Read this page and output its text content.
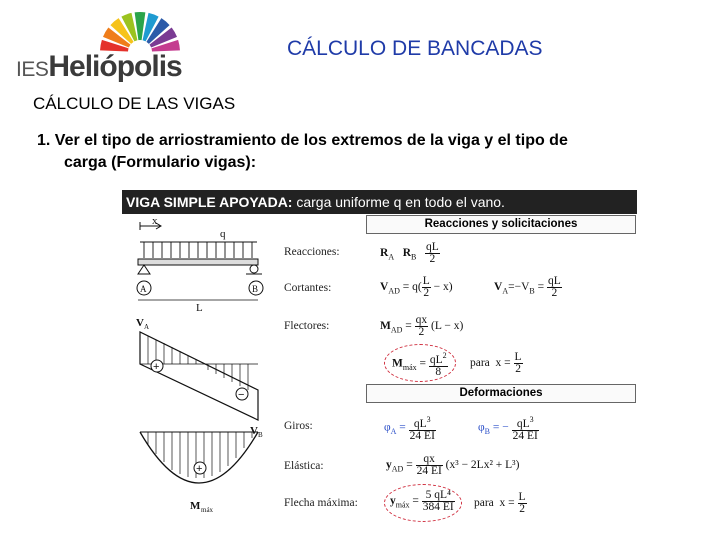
IESHeliópolis
CÁLCULO DE BANCADAS
CÁLCULO DE LAS VIGAS
1. Ver el tipo de arriostramiento de los extremos de la viga y el tipo de
carga (Formulario vigas):
VIGA SIMPLE APOYADA: carga uniforme q en todo el vano.
x
q
A	B
L
V A
V B
M máx
+
−
+
Reacciones y solicitaciones
Reacciones:	$R_A$ $R_B \frac{qL}{2}$
Cortantes:	$V_{AD} = q( \frac{L}{2} - x)$	$V_A=-V_B = \frac{qL}{2}$
Flectores:	$M_{AD} = \frac{qx}{2} (L - x)$
$M_{máx} = \frac{qL^2}{8}$ para $x = \frac{L}{2}$
Deformaciones
Giros:	$\varphi_A = \frac{qL^3}{24 EI}$	$\varphi_B$ = − $\frac{qL^3}{24 EI}$
Elástica:	$y_{AD} = \frac{qx}{24 EI} (x^3 - 2Lx^2 + L^3)$
Flecha máxima:	$y_{máx} = \frac{\text{5 qL⁴}}{384 EI}$ para $x = \frac{L}{2}$
